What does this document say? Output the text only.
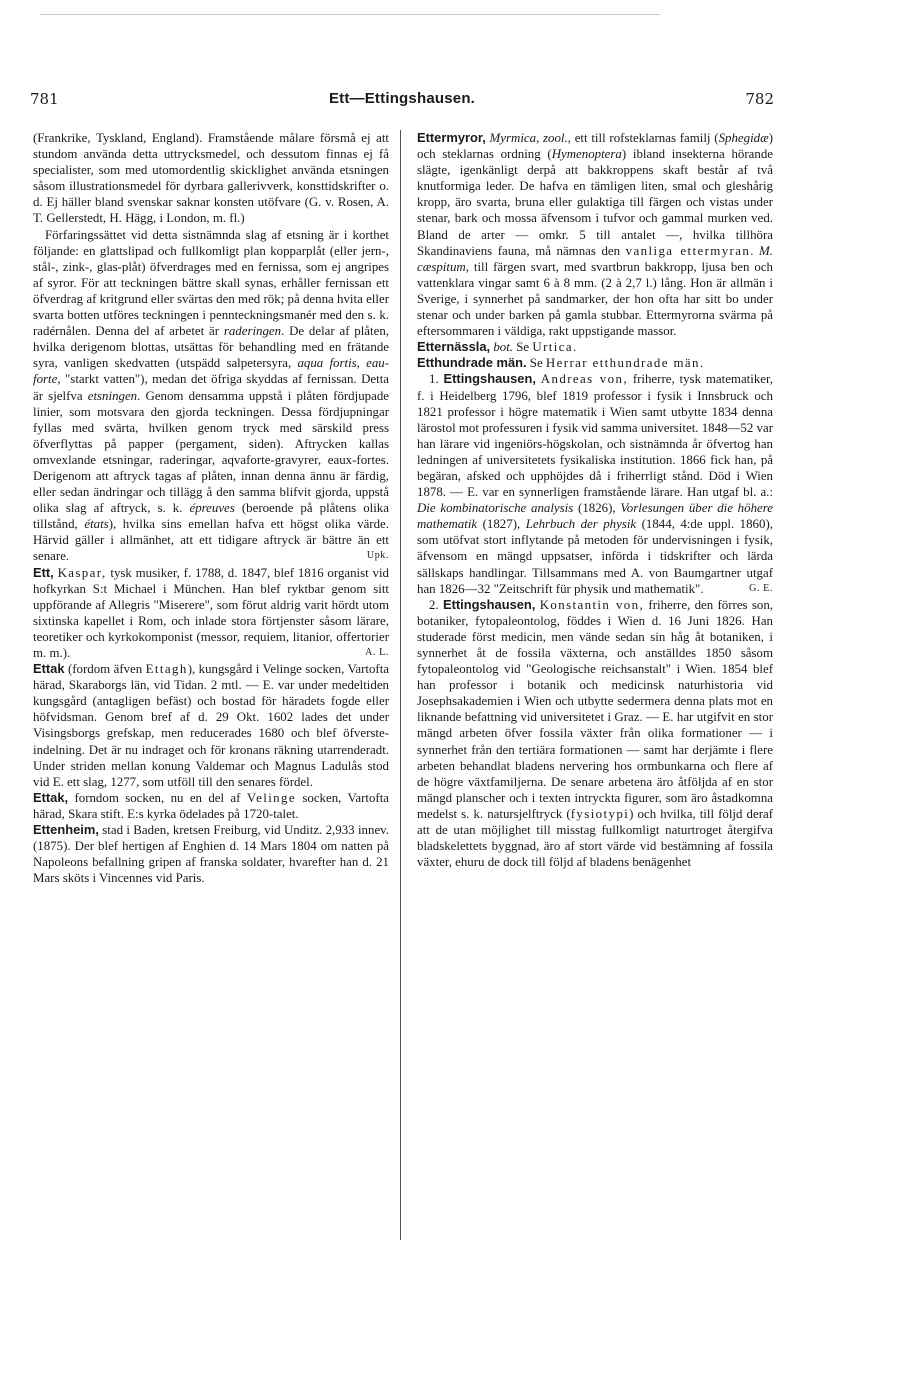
781	Ett—Ettingshausen.	782

(Frankrike, Tyskland, England). Framstående målare försmå ej att stundom använda detta uttrycksmedel, och dessutom finnas ej få specialister, som med utomordentlig skicklighet använda etsningen såsom illustrationsmedel för dyrbara gallerivverk, konsttidskrifter o. d. Ej häller bland svenskar saknar konsten utöfvare (G. v. Rosen, A. T. Gellerstedt, H. Hägg, i London, m. fl.)

Förfaringssättet vid detta sistnämnda slag af etsning är i korthet följande: en glattslipad och fullkomligt plan kopparplåt (eller jern-, stål-, zink-, glas-plåt) öfverdrages med en fernissa, som ej angripes af syror. För att teckningen bättre skall synas, erhåller fernissan ett öfverdrag af kritgrund eller svärtas den med rök; på denna hvita eller svarta botten utföres teckningen i pennteckningsmanér med den s. k. radérnålen. Denna del af arbetet är raderingen. De delar af plåten, hvilka derigenom blottas, utsättas för behandling med en frätande syra, vanligen skedvatten (utspädd salpetersyra, aqua fortis, eau-forte, "starkt vatten"), medan det öfriga skyddas af fernissan. Detta är sjelfva etsningen. Genom densamma uppstå i plåten fördjupade linier, som motsvara den gjorda teckningen. Dessa fördjupningar fyllas med svärta, hvilken genom tryck med särskild press öfverflyttas på papper (pergament, siden). Aftrycken kallas omvexlande etsningar, raderingar, aqvaforte-gravyrer, eaux-fortes. Derigenom att aftryck tagas af plåten, innan denna ännu är färdig, eller sedan ändringar och tillägg å den samma blifvit gjorda, uppstå olika slag af aftryck, s. k. épreuves (beroende på plåtens olika tillstånd, états), hvilka sins emellan hafva ett högst olika värde. Härvid gäller i allmänhet, att ett tidigare aftryck är bättre än ett senare.	Upk.

Ett, Kaspar, tysk musiker, f. 1788, d. 1847, blef 1816 organist vid hofkyrkan S:t Michael i München. Han blef ryktbar genom sitt uppförande af Allegris "Miserere", som förut aldrig varit hördt utom sixtinska kapellet i Rom, och inlade stora förtjenster såsom lärare, teoretiker och kyrkokomponist (messor, requiem, litanior, offertorier m. m.).	A. L.

Ettak (fordom äfven Ettagh), kungsgård i Velinge socken, Vartofta härad, Skaraborgs län, vid Tidan. 2 mtl. — E. var under medeltiden kungsgård (antagligen befäst) och bostad för häradets fogde eller höfvidsman. Genom bref af d. 29 Okt. 1602 lades det under Visingsborgs grefskap, men reducerades 1680 och blef öfverste-indelning. Det är nu indraget och för kronans räkning utarrenderadt. Under striden mellan konung Valdemar och Magnus Ladulås stod vid E. ett slag, 1277, som utföll till den senares fördel.

Ettak, forndom socken, nu en del af Velinge socken, Vartofta härad, Skara stift. E:s kyrka ödelades på 1720-talet.

Ettenheim, stad i Baden, kretsen Freiburg, vid Unditz. 2,933 innev. (1875). Der blef hertigen af Enghien d. 14 Mars 1804 om natten på Napoleons befallning gripen af franska soldater, hvarefter han d. 21 Mars sköts i Vincennes vid Paris.

Ettermyror, Myrmica, zool., ett till rofsteklarnas familj (Sphegidæ) och steklarnas ordning (Hymenoptera) ibland insekterna hörande slägte, igenkänligt derpå att bakkroppens skaft består af två knutformiga leder. De hafva en tämligen liten, smal och gleshårig kropp, äro svarta, bruna eller gulaktiga till färgen och vistas under stenar, bark och mossa äfvensom i tufvor och gammal murken ved. Bland de arter — omkr. 5 till antalet —, hvilka tillhöra Skandinaviens fauna, må nämnas den vanliga ettermyran. M. cæspitum, till färgen svart, med svartbrun bakkropp, ljusa ben och vattenklara vingar samt 6 à 8 mm. (2 à 2,7 l.) lång. Hon är allmän i Sverige, i synnerhet på sandmarker, der hon ofta har sitt bo under stenar och under barken på gamla stubbar. Ettermyrorna svärma på eftersommaren i väldiga, rakt uppstigande massor.

Etternässla, bot. Se Urtica.

Etthundrade män. Se Herrar etthundrade män.

1. Ettingshausen, Andreas von, friherre, tysk matematiker, f. i Heidelberg 1796, blef 1819 professor i fysik i Innsbruck och 1821 professor i högre matematik i Wien samt utbytte 1834 denna lärostol mot professuren i fysik vid samma universitet. 1848—52 var han lärare vid ingeniörs-högskolan, och sistnämnda år öfvertog han ledningen af universitetets fysikaliska institution. 1866 fick han, på begäran, afsked och upphöjdes då i friherrligt stånd. Död i Wien 1878. — E. var en synnerligen framstående lärare. Han utgaf bl. a.: Die kombinatorische analysis (1826), Vorlesungen über die höhere mathematik (1827), Lehrbuch der physik (1844, 4:de uppl. 1860), som utöfvat stort inflytande på metoden för undervisningen i fysik, äfvensom en mängd uppsatser, införda i tidskrifter och lärda sällskaps handlingar. Tillsammans med A. von Baumgartner utgaf han 1826—32 "Zeitschrift für physik und mathematik".	G. E.

2. Ettingshausen, Konstantin von, friherre, den förres son, botaniker, fytopaleontolog, föddes i Wien d. 16 Juni 1826. Han studerade först medicin, men vände sedan sin håg åt botaniken, i synnerhet åt de fossila växterna, och anställdes 1850 såsom fytopaleontolog vid "Geologische reichsanstalt" i Wien. 1854 blef han professor i botanik och medicinsk naturhistoria vid Josephsakademien i Wien och utbytte sedermera denna plats mot en liknande befattning vid universitetet i Graz. — E. har utgifvit en stor mängd arbeten öfver fossila växter från olika formationer — i synnerhet från den tertiära formationen — samt har derjämte i flere arbeten behandlat bladens nervering hos ormbunkarna och flere af de högre växtfamiljerna. De senare arbetena äro åtföljda af en stor mängd planscher och i texten intryckta figurer, som äro åstadkomna medelst s. k. natursjelftryck (fysiotypi) och hvilka, till följd deraf att de utan möjlighet till misstag fullkomligt naturtroget återgifva bladskelettets byggnad, äro af stort värde vid bestämning af fossila växter, ehuru de dock till följd af bladens benägenhet
